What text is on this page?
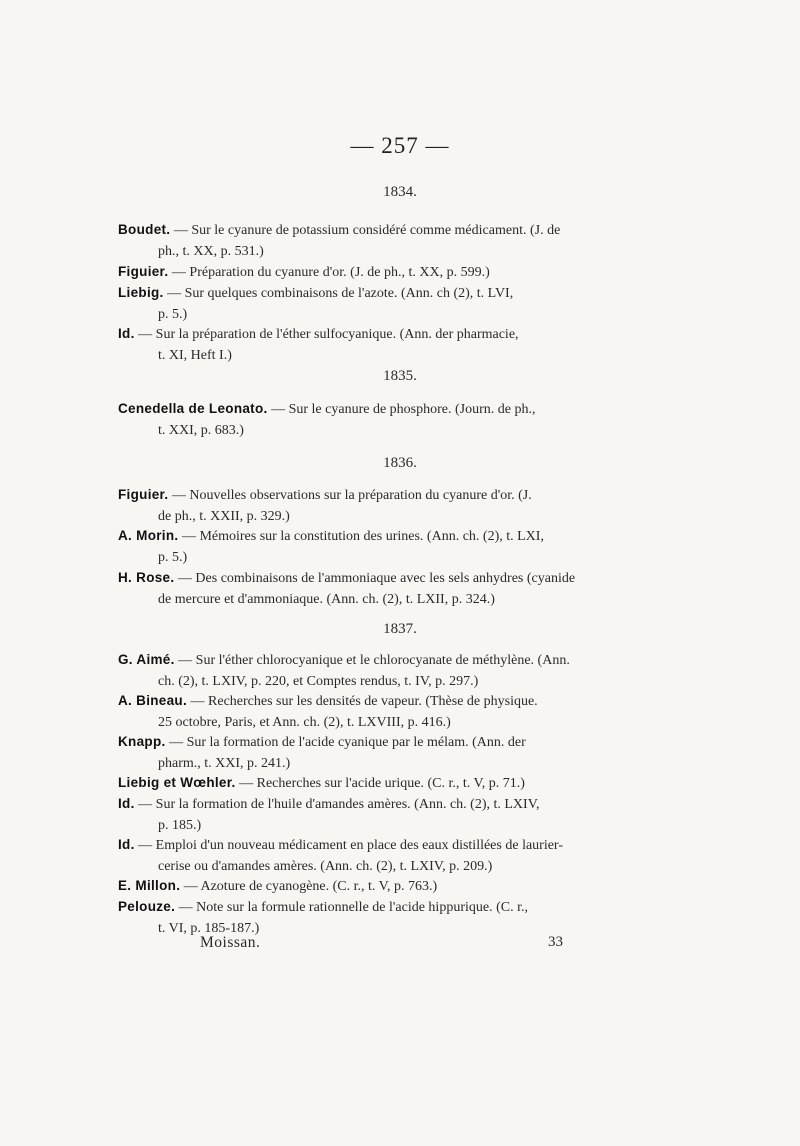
— 257 —
1834.
Boudet. — Sur le cyanure de potassium considéré comme médicament. (J. de
ph., t. XX, p. 531.)
Figuier. — Préparation du cyanure d'or. (J. de ph., t. XX, p. 599.)
Liebig. — Sur quelques combinaisons de l'azote. (Ann. ch (2), t. LVI,
p. 5.)
Id. — Sur la préparation de l'éther sulfocyanique. (Ann. der pharmacie,
t. XI, Heft I.)
1835.
Cenedella de Leonato. — Sur le cyanure de phosphore. (Journ. de ph.,
t. XXI, p. 683.)
1836.
Figuier. — Nouvelles observations sur la préparation du cyanure d'or. (J.
de ph., t. XXII, p. 329.)
A. Morin. — Mémoires sur la constitution des urines. (Ann. ch. (2), t. LXI,
p. 5.)
H. Rose. — Des combinaisons de l'ammoniaque avec les sels anhydres (cyanide
de mercure et d'ammoniaque. (Ann. ch. (2), t. LXII, p. 324.)
1837.
G. Aimé. — Sur l'éther chlorocyanique et le chlorocyanate de méthylène. (Ann.
ch. (2), t. LXIV, p. 220, et Comptes rendus, t. IV, p. 297.)
A. Bineau. — Recherches sur les densités de vapeur. (Thèse de physique.
25 octobre, Paris, et Ann. ch. (2), t. LXVIII, p. 416.)
Knapp. — Sur la formation de l'acide cyanique par le mélam. (Ann. der
pharm., t. XXI, p. 241.)
Liebig et Wœhler. — Recherches sur l'acide urique. (C. r., t. V, p. 71.)
Id. — Sur la formation de l'huile d'amandes amères. (Ann. ch. (2), t. LXIV,
p. 185.)
Id. — Emploi d'un nouveau médicament en place des eaux distillées de laurier-
cerise ou d'amandes amères. (Ann. ch. (2), t. LXIV, p. 209.)
E. Millon. — Azoture de cyanogène. (C. r., t. V, p. 763.)
Pelouze. — Note sur la formule rationnelle de l'acide hippurique. (C. r.,
t. VI, p. 185-187.)
Moissan.	33
